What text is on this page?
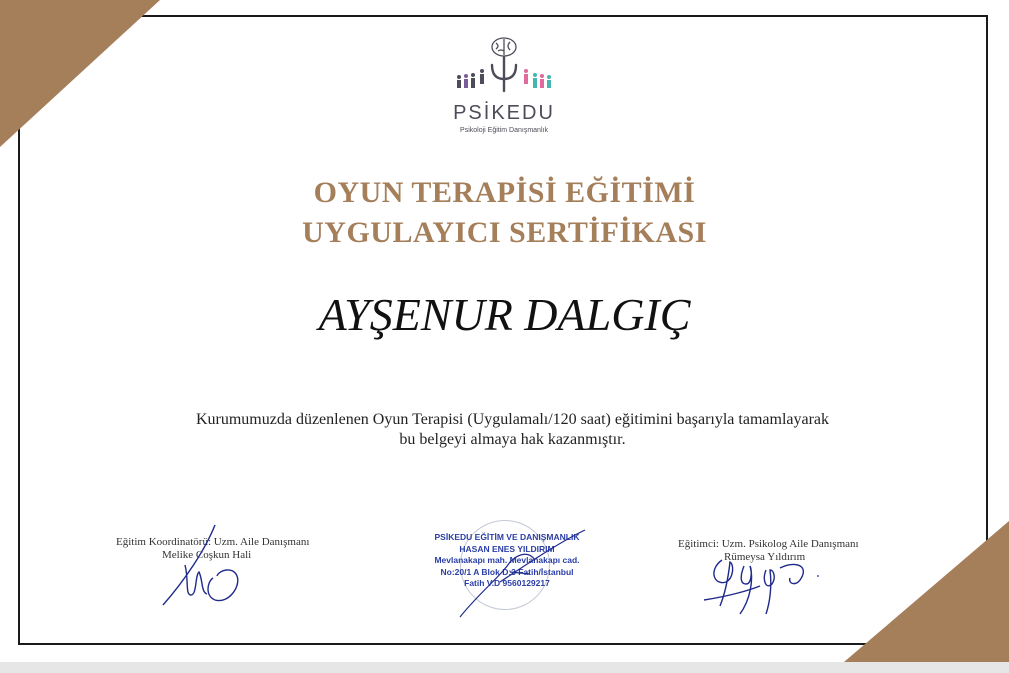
PSİKEDU
Psikoloji Eğitim Danışmanlık
OYUN TERAPİSİ EĞİTİMİ
UYGULAYICI SERTİFİKASI
AYŞENUR DALGIÇ
Kurumumuzda düzenlenen Oyun Terapisi (Uygulamalı/120 saat) eğitimini başarıyla tamamlayarak
bu belgeyi almaya hak kazanmıştır.
Eğitim Koordinatörü: Uzm. Aile Danışmanı
Melike Coşkun Hali
PSİKEDU EĞİTİM VE DANIŞMANLIK
HASAN ENES YILDIRIM
Mevlanakapı mah. Mevlanakapı cad.
No:20/1 A Blok D:3 Fatih/İstanbul
Fatih V.D 9560129217
Eğitimci: Uzm. Psikolog Aile Danışmanı
Rümeysa Yıldırım
